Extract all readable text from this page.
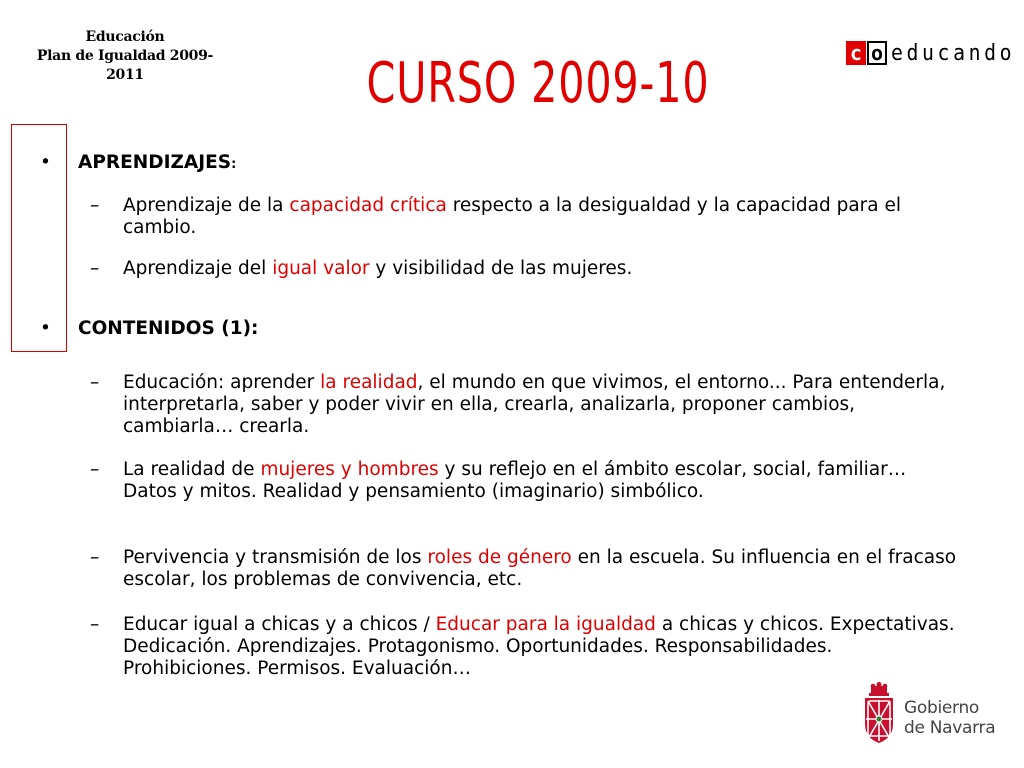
Educación
Plan de Igualdad 2009-2011	CURSO 2009-10	c o educando
• APRENDIZAJES:
– Aprendizaje de la capacidad crítica respecto a la desigualdad y la capacidad para el cambio.
– Aprendizaje del igual valor y visibilidad de las mujeres.
• CONTENIDOS (1):
– Educación: aprender la realidad, el mundo en que vivimos, el entorno... Para entenderla, interpretarla, saber y poder vivir en ella, crearla, analizarla, proponer cambios, cambiarla… crearla.
– La realidad de mujeres y hombres y su reflejo en el ámbito escolar, social, familiar… Datos y mitos. Realidad y pensamiento (imaginario) simbólico.
– Pervivencia y transmisión de los roles de género en la escuela. Su influencia en el fracaso escolar, los problemas de convivencia, etc.
– Educar igual a chicas y a chicos / Educar para la igualdad a chicas y chicos. Expectativas. Dedicación. Aprendizajes. Protagonismo. Oportunidades. Responsabilidades. Prohibiciones. Permisos. Evaluación…
Gobierno
de Navarra
